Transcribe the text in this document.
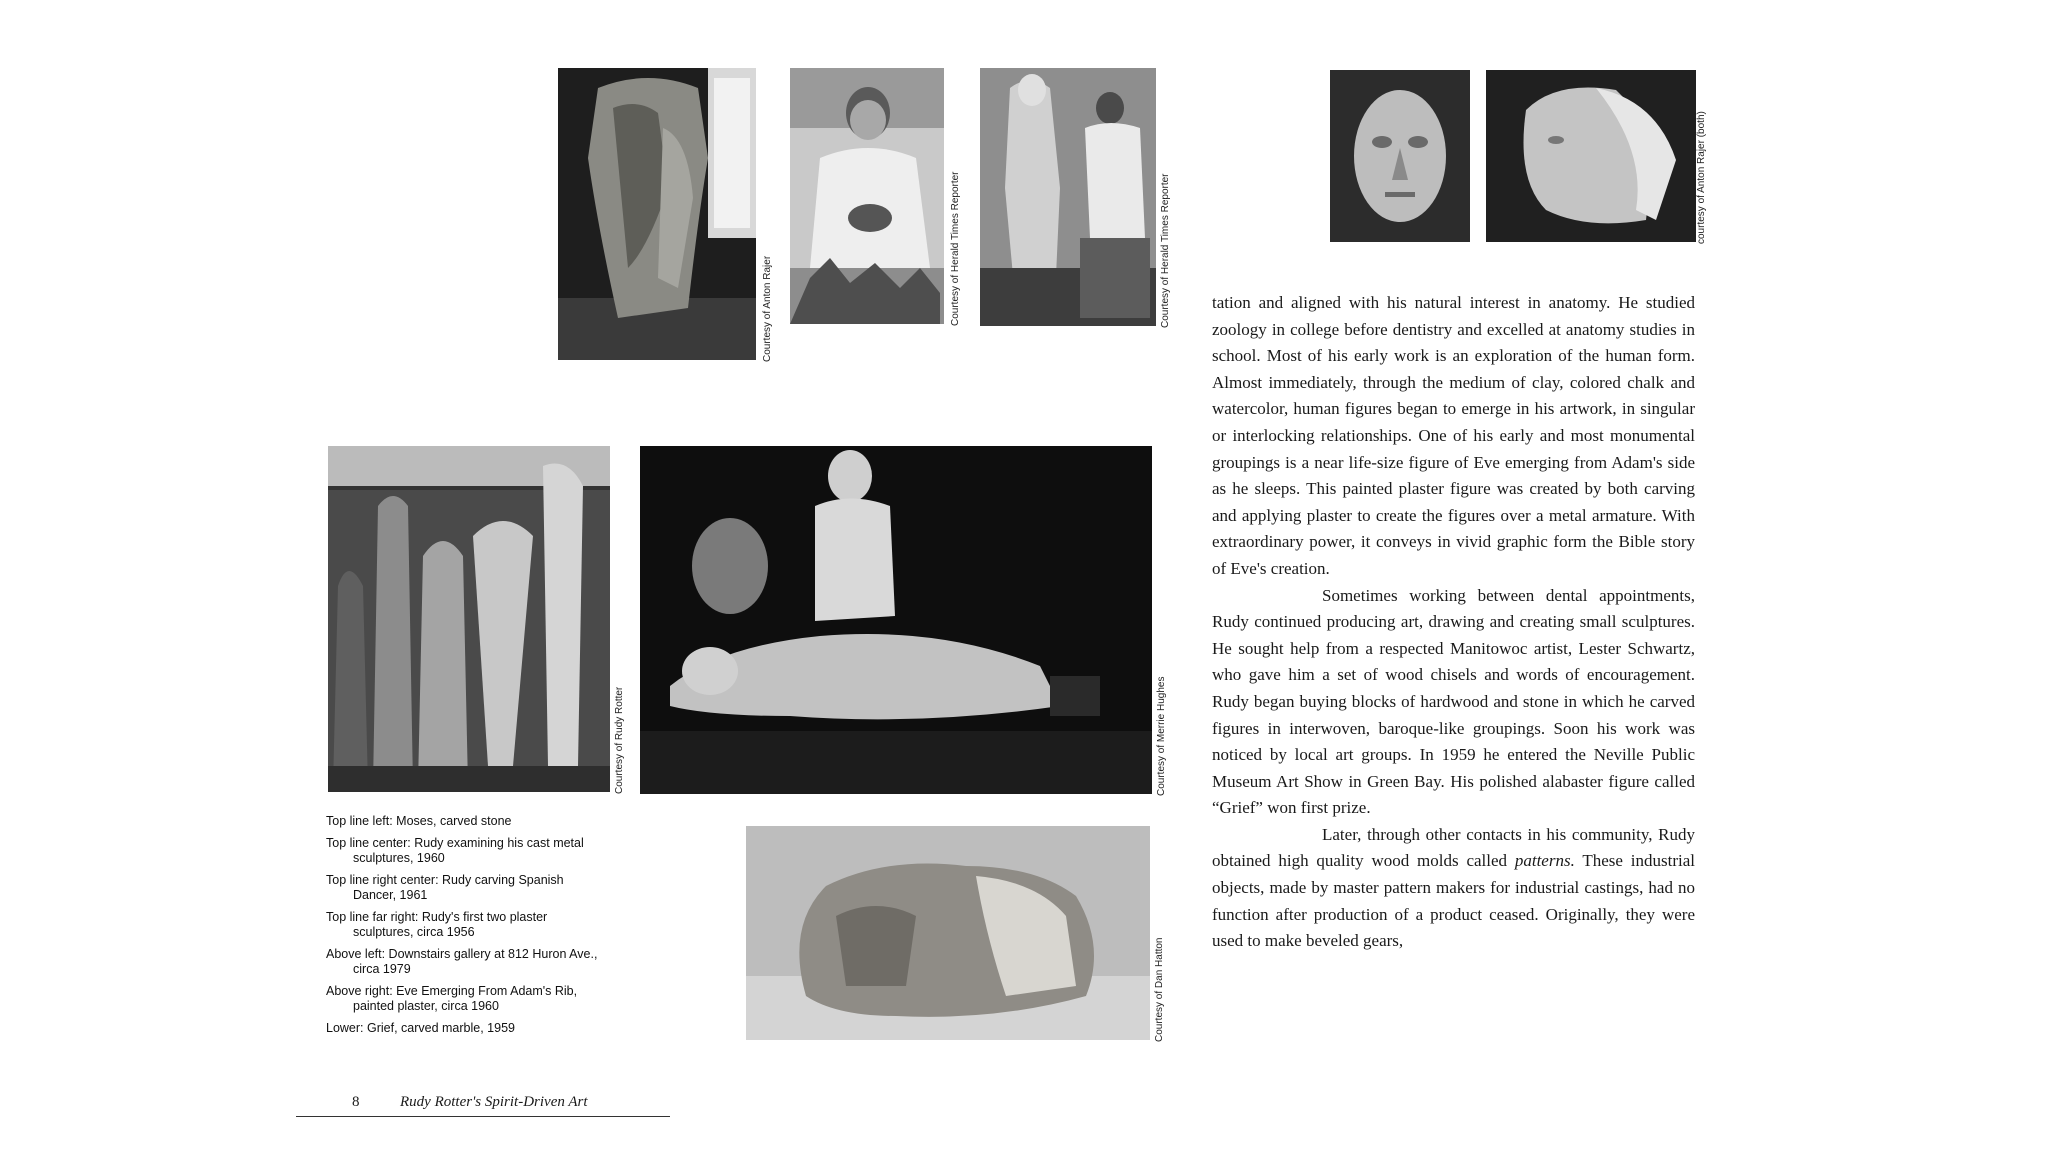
Courtesy of Anton Rajer	Courtesy of Herald Times Reporter	Courtesy of Herald Times Reporter	courtesy of Anton Rajer (both)
Courtesy of Rudy Rotter	Courtesy of Merrie Hughes
Top line left: Moses, carved stone
Top line center: Rudy examining his cast metal sculptures, 1960
Top line right center: Rudy carving Spanish Dancer, 1961
Top line far right: Rudy's first two plaster sculptures, circa 1956
Above left: Downstairs gallery at 812 Huron Ave., circa 1979
Above right: Eve Emerging From Adam's Rib, painted plaster, circa 1960
Lower: Grief, carved marble, 1959	Courtesy of Dan Hatton

tation and aligned with his natural interest in anatomy. He studied zoology in college before dentistry and excelled at anatomy studies in school. Most of his early work is an exploration of the human form. Almost immediately, through the medium of clay, colored chalk and watercolor, human figures began to emerge in his artwork, in singular or interlocking relationships. One of his early and most monumental groupings is a near life-size figure of Eve emerging from Adam's side as he sleeps. This painted plaster figure was created by both carving and applying plaster to create the figures over a metal armature. With extraordinary power, it conveys in vivid graphic form the Bible story of Eve's creation.

Sometimes working between dental appointments, Rudy continued producing art, drawing and creating small sculptures. He sought help from a respected Manitowoc artist, Lester Schwartz, who gave him a set of wood chisels and words of encouragement. Rudy began buying blocks of hardwood and stone in which he carved figures in interwoven, baroque-like groupings. Soon his work was noticed by local art groups. In 1959 he entered the Neville Public Museum Art Show in Green Bay. His polished alabaster figure called “Grief” won first prize.

Later, through other contacts in his community, Rudy obtained high quality wood molds called patterns. These industrial objects, made by master pattern makers for industrial castings, had no function after production of a product ceased. Originally, they were used to make beveled gears,

8	Rudy Rotter's Spirit-Driven Art
